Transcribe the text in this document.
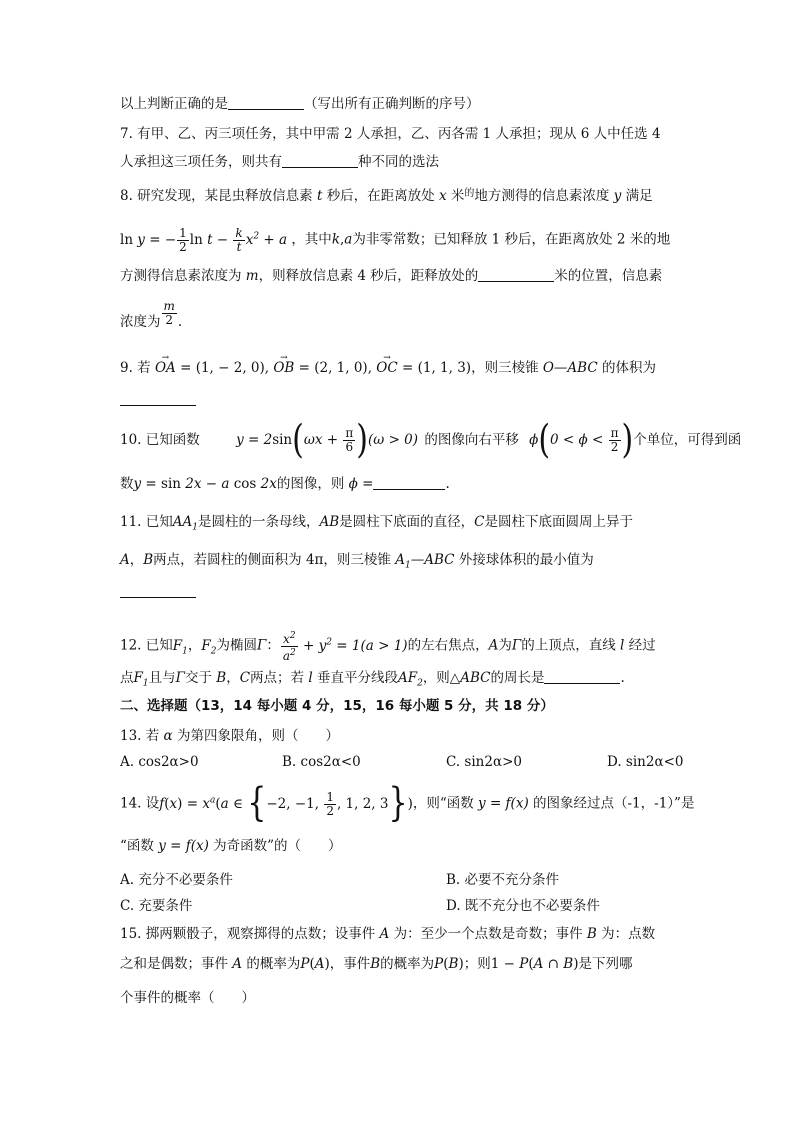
以上判断正确的是	（写出所有正确判断的序号）
7. 有甲、乙、丙三项任务，其中甲需 2 人承担，乙、丙各需 1 人承担；现从 6 人中任选 4
人承担这三项任务，则共有	种不同的选法
8. 研究发现，某昆虫释放信息素 t 秒后，在距离放处 x 米$^的$地方测得的信息素浓度 y 满足
ln y = − $\frac{1}{2}$ $\ln t - \frac{k}{t} x^2 + a$ ，其中k,a为非零常数；已知释放 1 秒后，在距离放处 2 米的地
方测得信息素浓度为 m，则释放信息素 4 秒后，距释放处的	米的位置，信息素
浓度为 $\frac{m}{2}$ .
9. 若 → OA = (1, − 2, 0), → OB = (2, 1, 0), → OC = (1, 1, 3)，则三棱锥 O—ABC 的体积为
10. 已知函数	$y = 2\sin(\omega x + \frac{\pi}{6} )(\omega > 0)$ 的图像向右平移 $\phi(0 < \phi < \frac{\pi}{2}$ )个单位，可得到函
数y = sin 2x − a cos 2x的图像，则 ϕ =	.
11. 已知$AA_1$是圆柱的一条母线，AB是圆柱下底面的直径，C是圆柱下底面圆周上异于
A，B两点，若圆柱的侧面积为 4π，则三棱锥 $A_1—ABC$ 外接球体积的最小值为
12. 已知$F_1$，$F_2$为椭圆Γ： $\frac{x^2}{a^2} + y^2 = 1(a > 1)$的左右焦点，A为Γ的上顶点，直线 l 经过
点$F_1$且与Γ交于 B，C两点；若 l 垂直平分线段$AF_2$，则△ABC的周长是	.
二、选择题（13，14 每小题 4 分，15，16 每小题 5 分，共 18 分）
13. 若 α 为第四象限角，则（　　）
A. cos2α>0	B. cos2α<0	C. sin2α>0	D. sin2α<0
14. 设$f(x) = x^a(a$ ∈ {−2, −1, $\frac{1}{2}$ , 1, 2, 3})，则“函数 y = f(x) 的图象经过点（-1，-1）”是
“函数 y = f(x) 为奇函数”的（　　）
A. 充分不必要条件	B. 必要不充分条件
C. 充要条件	D. 既不充分也不必要条件
15. 掷两颗骰子，观察掷得的点数；设事件 A 为：至少一个点数是奇数；事件 B 为：点数
之和是偶数；事件 A 的概率为P(A)，事件B的概率为P(B)；则1 − P(A ∩ B)是下列哪
个事件的概率（　　）
